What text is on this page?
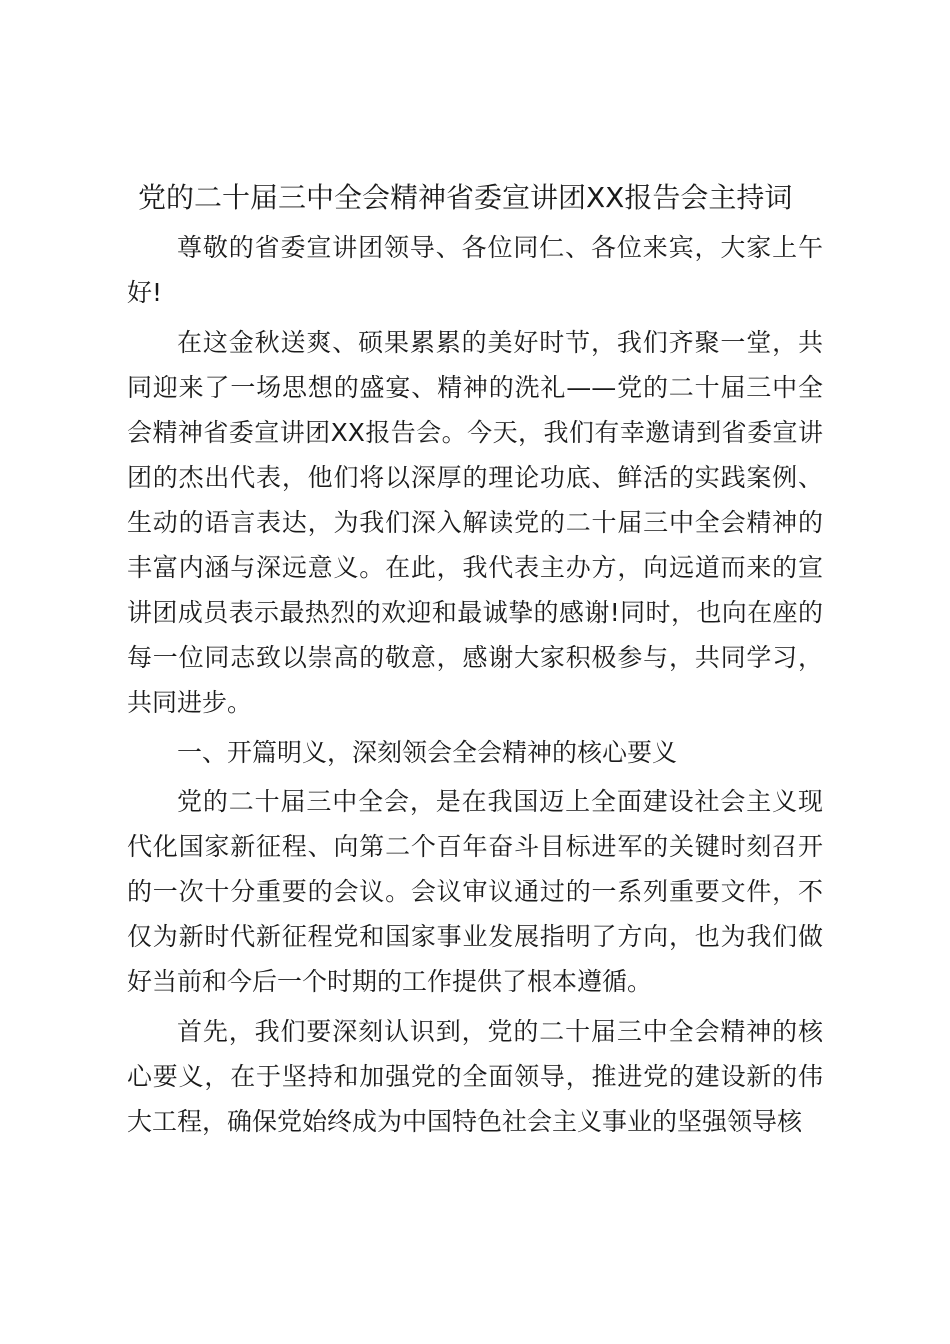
党的二十届三中全会精神省委宣讲团XX报告会主持词

尊敬的省委宣讲团领导、各位同仁、各位来宾，大家上午好!

在这金秋送爽、硕果累累的美好时节，我们齐聚一堂，共同迎来了一场思想的盛宴、精神的洗礼——党的二十届三中全会精神省委宣讲团XX报告会。今天，我们有幸邀请到省委宣讲团的杰出代表，他们将以深厚的理论功底、鲜活的实践案例、生动的语言表达，为我们深入解读党的二十届三中全会精神的丰富内涵与深远意义。在此，我代表主办方，向远道而来的宣讲团成员表示最热烈的欢迎和最诚挚的感谢!同时，也向在座的每一位同志致以崇高的敬意，感谢大家积极参与，共同学习，共同进步。

一、开篇明义，深刻领会全会精神的核心要义

党的二十届三中全会，是在我国迈上全面建设社会主义现代化国家新征程、向第二个百年奋斗目标进军的关键时刻召开的一次十分重要的会议。会议审议通过的一系列重要文件，不仅为新时代新征程党和国家事业发展指明了方向，也为我们做好当前和今后一个时期的工作提供了根本遵循。

首先，我们要深刻认识到，党的二十届三中全会精神的核心要义，在于坚持和加强党的全面领导，推进党的建设新的伟大工程，确保党始终成为中国特色社会主义事业的坚强领导核
